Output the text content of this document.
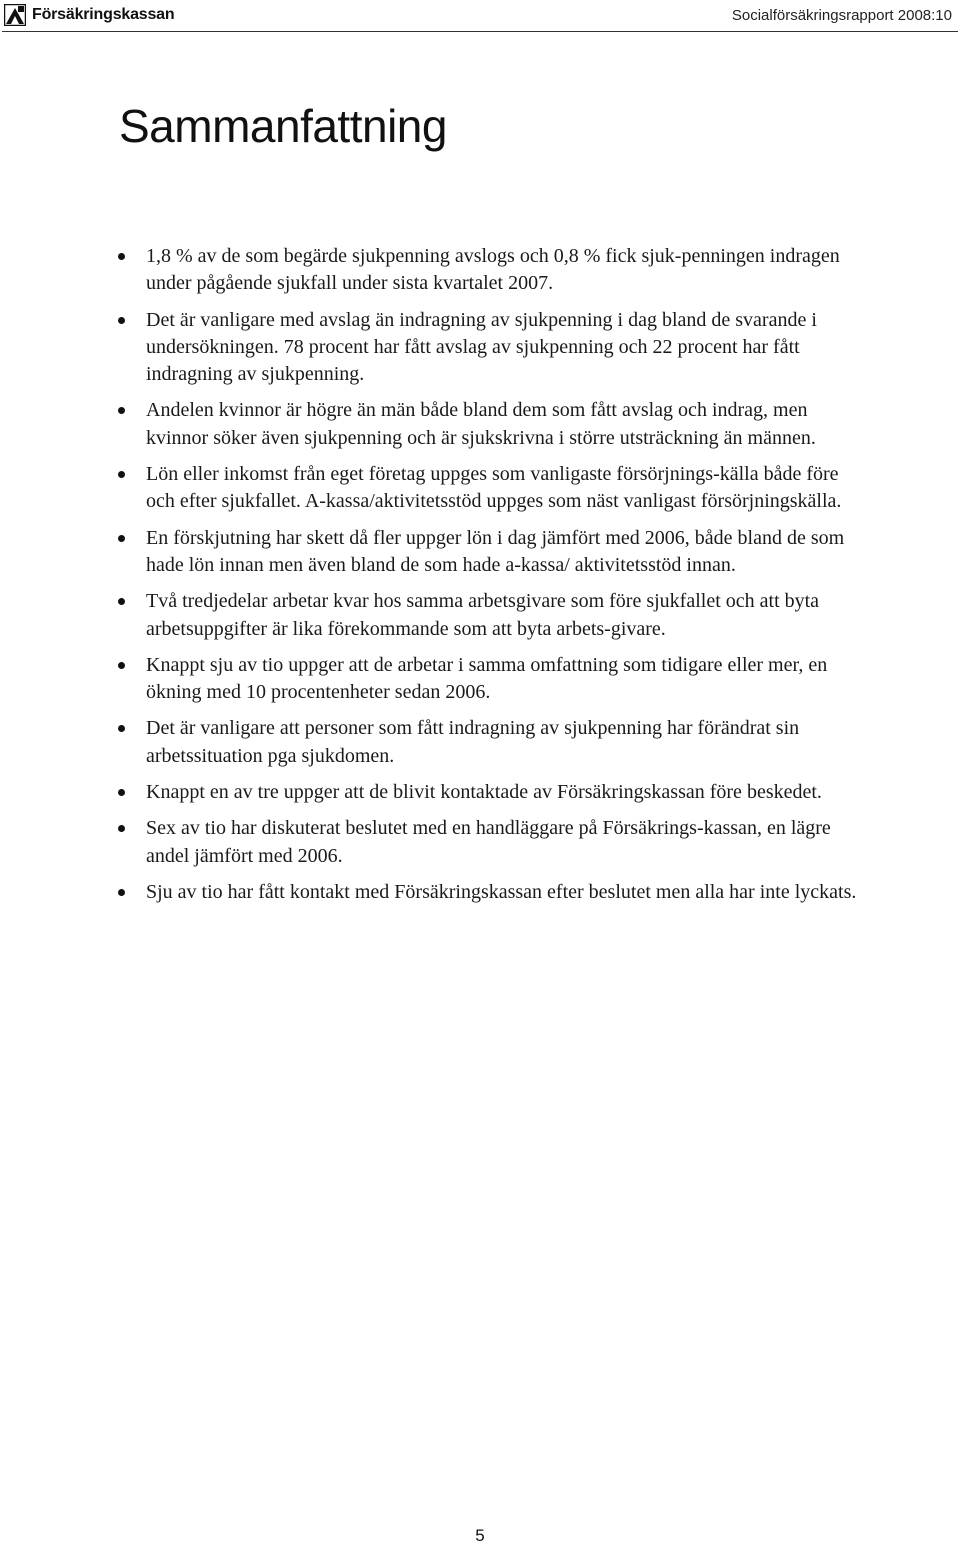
Försäkringskassan	Socialförsäkringsrapport 2008:10
Sammanfattning
1,8 % av de som begärde sjukpenning avslogs och 0,8 % fick sjuk-penningen indragen under pågående sjukfall under sista kvartalet 2007.
Det är vanligare med avslag än indragning av sjukpenning i dag bland de svarande i undersökningen. 78 procent har fått avslag av sjukpenning och 22 procent har fått indragning av sjukpenning.
Andelen kvinnor är högre än män både bland dem som fått avslag och indrag, men kvinnor söker även sjukpenning och är sjukskrivna i större utsträckning än männen.
Lön eller inkomst från eget företag uppges som vanligaste försörjnings-källa både före och efter sjukfallet. A-kassa/aktivitetsstöd uppges som näst vanligast försörjningskälla.
En förskjutning har skett då fler uppger lön i dag jämfört med 2006, både bland de som hade lön innan men även bland de som hade a-kassa/ aktivitetsstöd innan.
Två tredjedelar arbetar kvar hos samma arbetsgivare som före sjukfallet och att byta arbetsuppgifter är lika förekommande som att byta arbets-givare.
Knappt sju av tio uppger att de arbetar i samma omfattning som tidigare eller mer, en ökning med 10 procentenheter sedan 2006.
Det är vanligare att personer som fått indragning av sjukpenning har förändrat sin arbetssituation pga sjukdomen.
Knappt en av tre uppger att de blivit kontaktade av Försäkringskassan före beskedet.
Sex av tio har diskuterat beslutet med en handläggare på Försäkrings-kassan, en lägre andel jämfört med 2006.
Sju av tio har fått kontakt med Försäkringskassan efter beslutet men alla har inte lyckats.
5
